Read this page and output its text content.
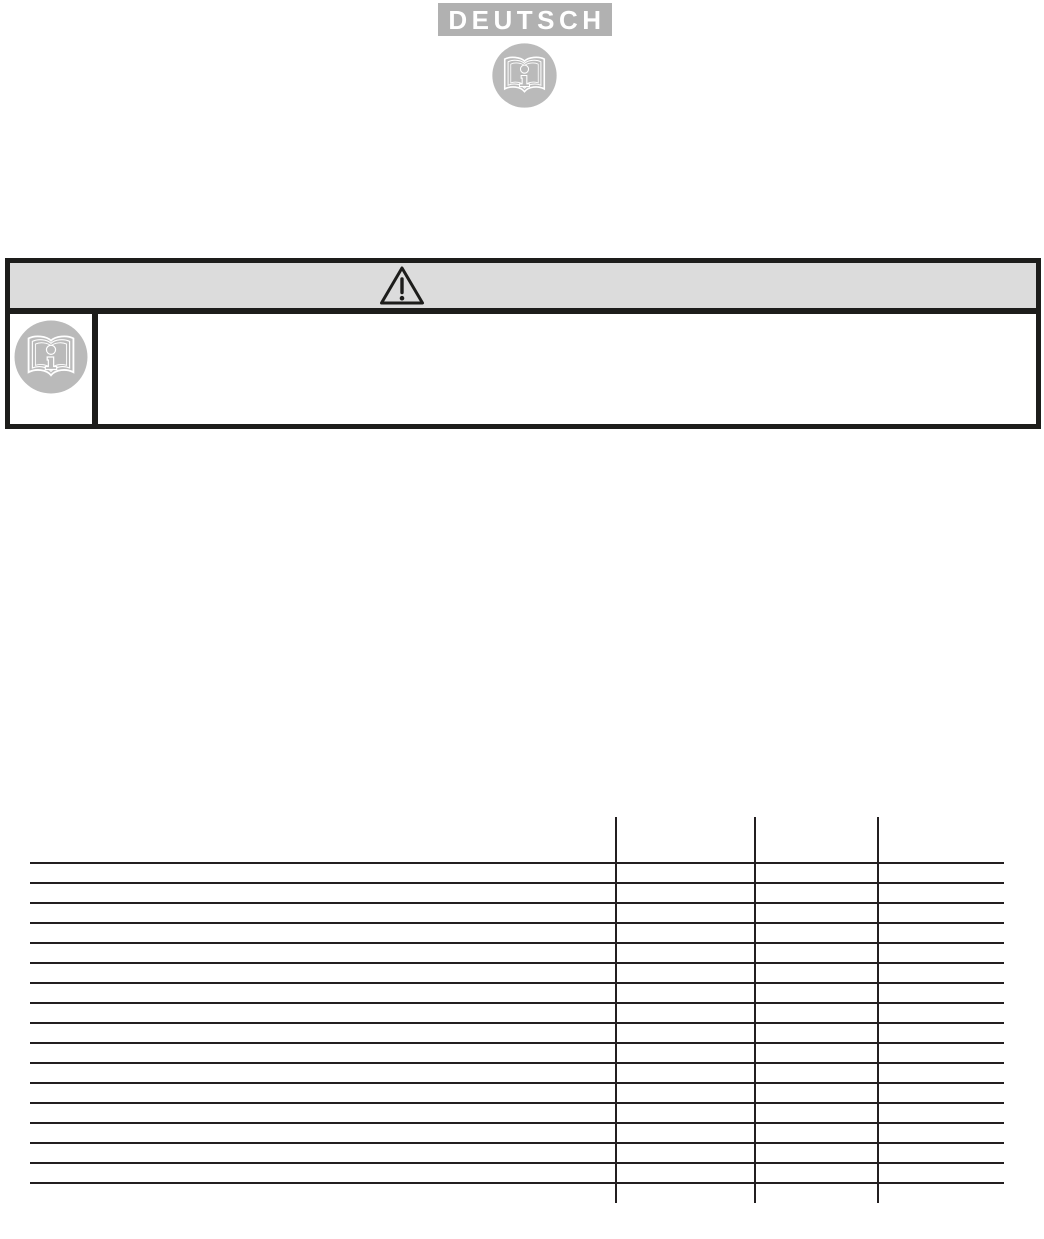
DEUTSCH
